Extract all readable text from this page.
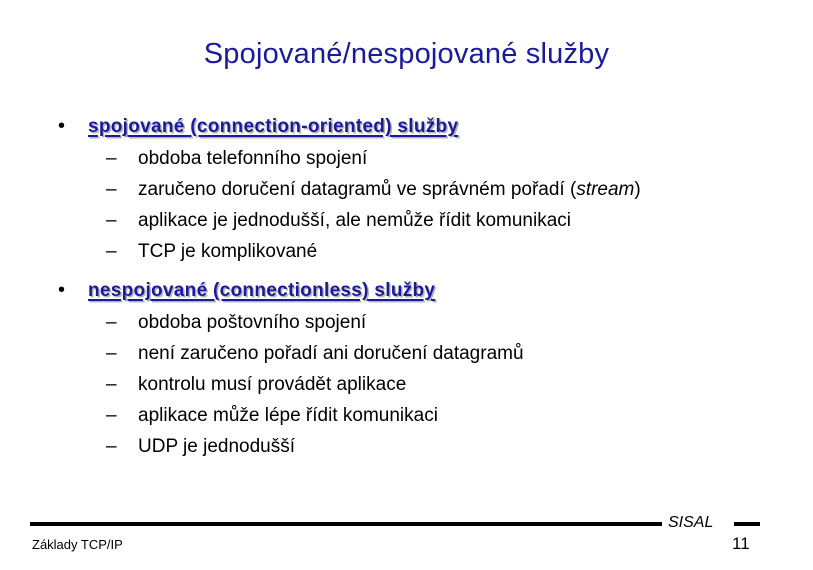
Spojované/nespojované služby
•	spojované (connection-oriented) služby
–	obdoba telefonního spojení
–	zaručeno doručení datagramů ve správném pořadí (stream)
–	aplikace je jednodušší, ale nemůže řídit komunikaci
–	TCP je komplikované
•	nespojované (connectionless) služby
–	obdoba poštovního spojení
–	není zaručeno pořadí ani doručení datagramů
–	kontrolu musí provádět aplikace
–	aplikace může lépe řídit komunikaci
–	UDP je jednodušší
SISAL
Základy TCP/IP	11
